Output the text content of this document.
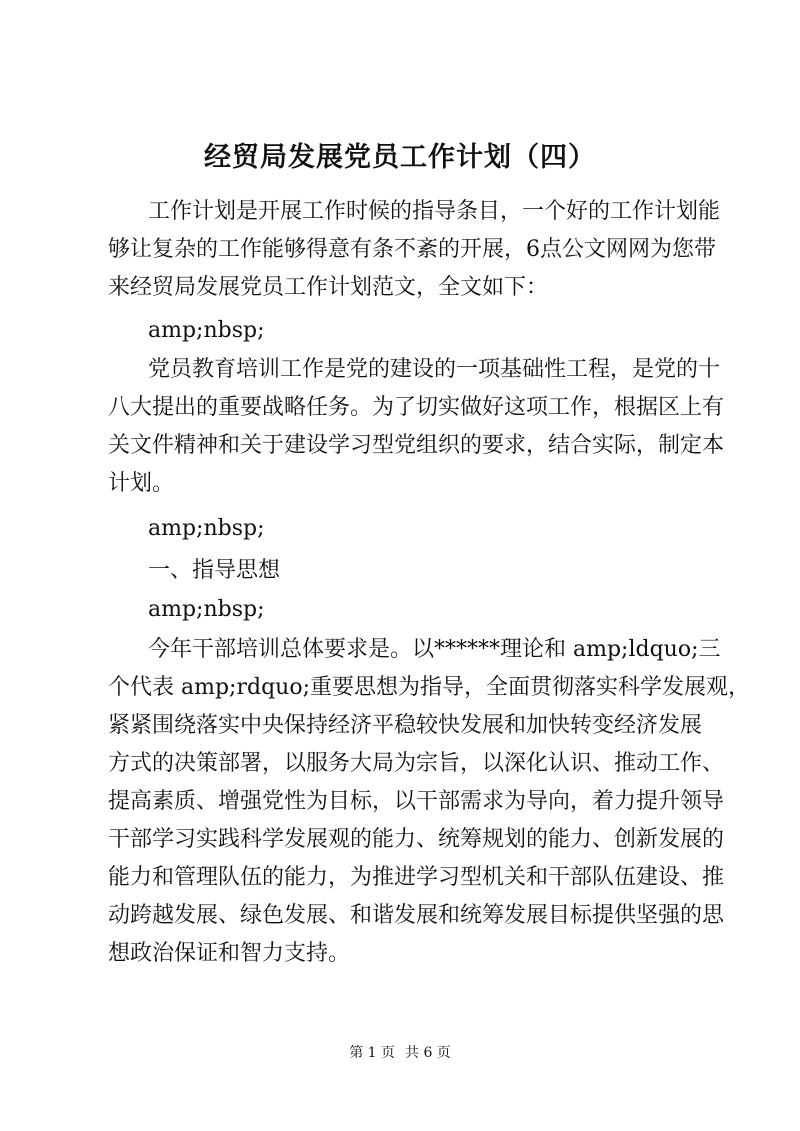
经贸局发展党员工作计划（四）

工作计划是开展工作时候的指导条目，一个好的工作计划能

够让复杂的工作能够得意有条不紊的开展，6点公文网网为您带

来经贸局发展党员工作计划范文，全文如下：

amp;nbsp;

党员教育培训工作是党的建设的一项基础性工程，是党的十

八大提出的重要战略任务。为了切实做好这项工作，根据区上有

关文件精神和关于建设学习型党组织的要求，结合实际，制定本

计划。

amp;nbsp;

一、指导思想

amp;nbsp;

今年干部培训总体要求是。以******理论和 amp;ldquo;三

个代表 amp;rdquo;重要思想为指导，全面贯彻落实科学发展观，

紧紧围绕落实中央保持经济平稳较快发展和加快转变经济发展

方式的决策部署，以服务大局为宗旨，以深化认识、推动工作、

提高素质、增强党性为目标，以干部需求为导向，着力提升领导

干部学习实践科学发展观的能力、统筹规划的能力、创新发展的

能力和管理队伍的能力，为推进学习型机关和干部队伍建设、推

动跨越发展、绿色发展、和谐发展和统筹发展目标提供坚强的思

想政治保证和智力支持。

第 1 页 共 6 页
